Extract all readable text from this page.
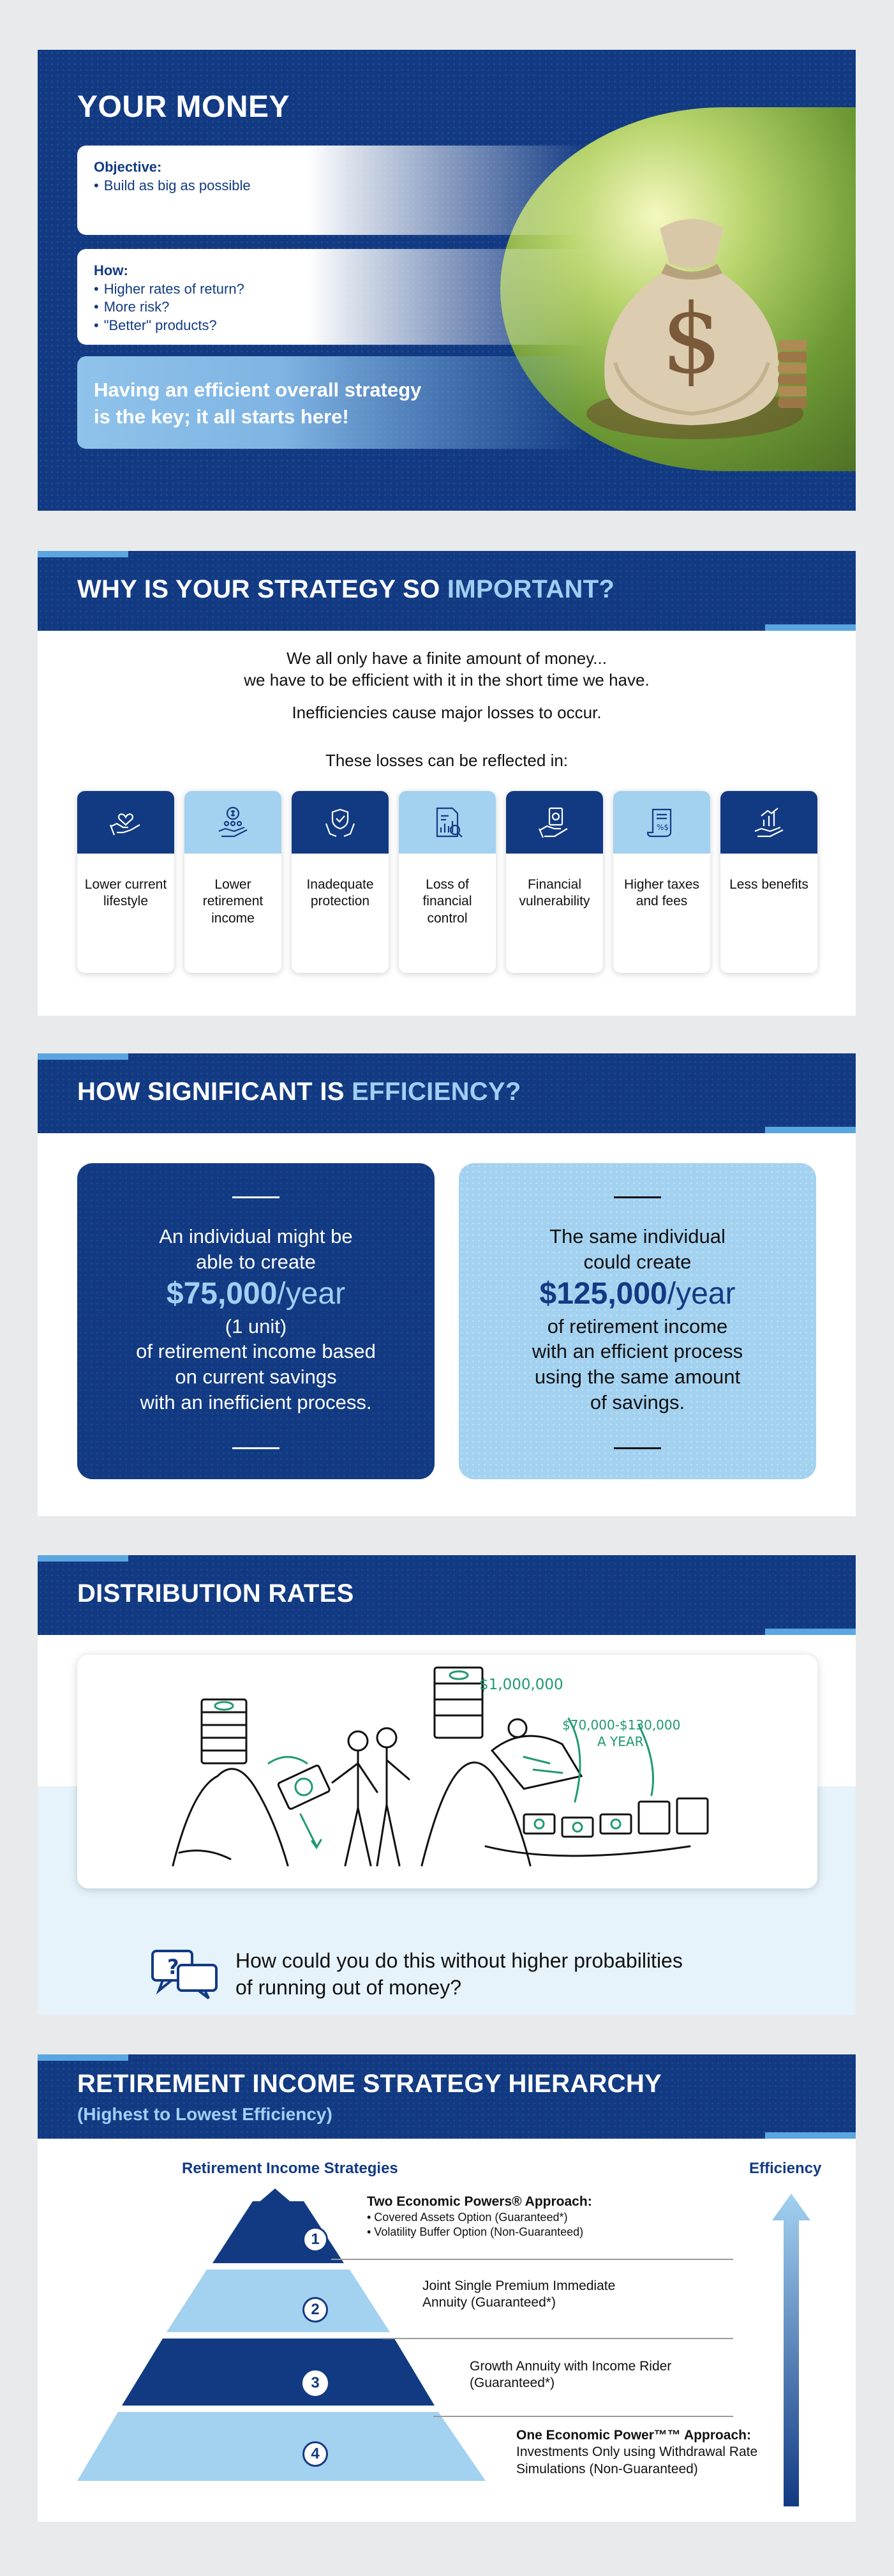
YOUR MONEY
$
Objective:
• Build as big as possible
How:
• Higher rates of return?
• More risk?
• "Better" products?
Having an efficient overall strategy
is the key; it all starts here!
WHY IS YOUR STRATEGY SO IMPORTANT?
We all only have a finite amount of money...
we have to be efficient with it in the short time we have.
Inefficiencies cause major losses to occur.
These losses can be reflected in:
Lower current lifestyle
Lower retirement income
Inadequate protection
Loss of financial control
Financial vulnerability
%$
Higher taxes and fees
Less benefits
HOW SIGNIFICANT IS EFFICIENCY?
An individual might be
able to create
$75,000/year
(1 unit)
of retirement income based
on current savings
with an inefficient process.
The same individual
could create
$125,000/year
of retirement income
with an efficient process
using the same amount
of savings.
DISTRIBUTION RATES
$1,000,000
$70,000-$130,000
A YEAR
?	How could you do this without higher probabilities
of running out of money?
RETIREMENT INCOME STRATEGY HIERARCHY
(Highest to Lowest Efficiency)
Retirement Income Strategies	Efficiency
1
2
3
4
Two Economic Powers® Approach:
• Covered Assets Option (Guaranteed*)
• Volatility Buffer Option (Non-Guaranteed)
Joint Single Premium Immediate
Annuity (Guaranteed*)
Growth Annuity with Income Rider
(Guaranteed*)
One Economic Power™™ Approach:
Investments Only using Withdrawal Rate
Simulations (Non-Guaranteed)
